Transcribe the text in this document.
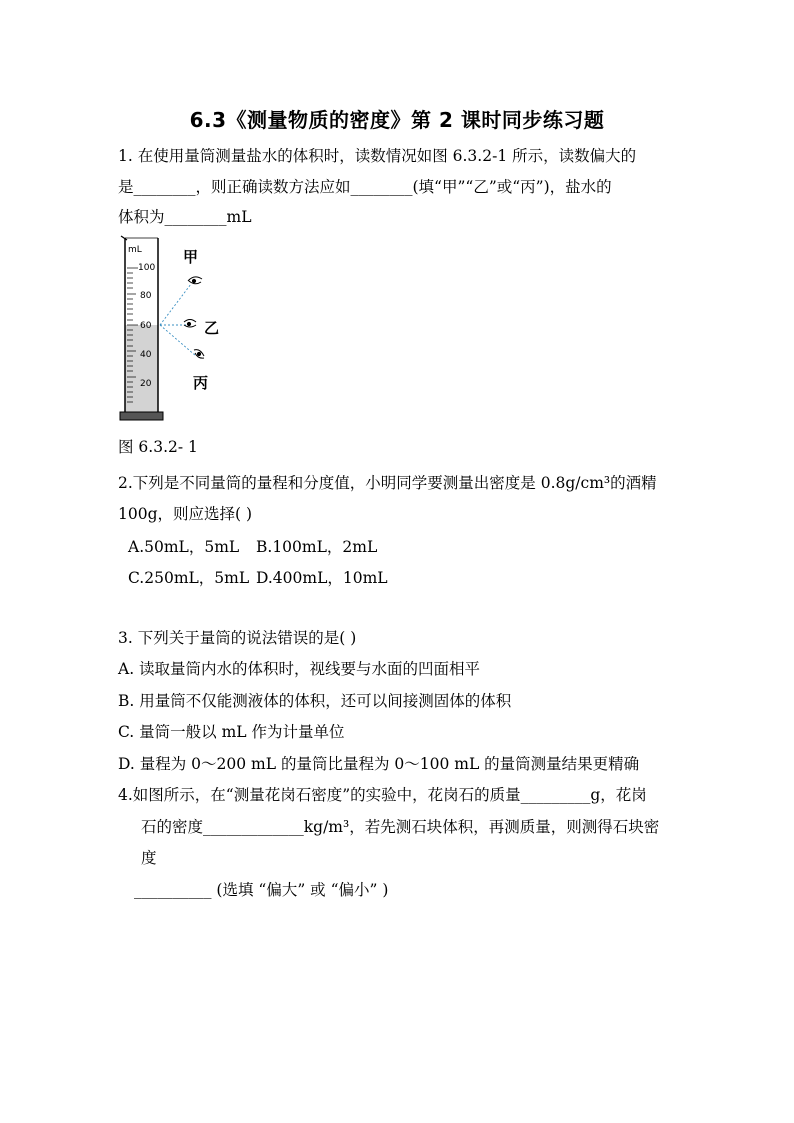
6.3《测量物质的密度》第 2 课时同步练习题
1. 在使用量筒测量盐水的体积时，读数情况如图 6.3.2-1 所示，读数偏大的
是________，则正确读数方法应如________(填“甲”“乙”或“丙”)，盐水的
体积为________mL
mL
100
80
60
40
20
甲
乙
丙
图 6.3.2- 1
2.下列是不同量筒的量程和分度值，小明同学要测量出密度是 0.8g/cm³的酒精
100g，则应选择( )
A.50mL，5mL B.100mL，2mL
C.250mL，5mL D.400mL，10mL
3. 下列关于量筒的说法错误的是( )
A. 读取量筒内水的体积时，视线要与水面的凹面相平
B. 用量筒不仅能测液体的体积，还可以间接测固体的体积
C. 量筒一般以 mL 作为计量单位
D. 量程为 0～200 mL 的量筒比量程为 0～100 mL 的量筒测量结果更精确
4.如图所示，在“测量花岗石密度”的实验中，花岗石的质量_________g，花岗
石的密度_____________kg/m³，若先测石块体积，再测质量，则测得石块密
度
__________ (选填 “偏大” 或 “偏小” )
